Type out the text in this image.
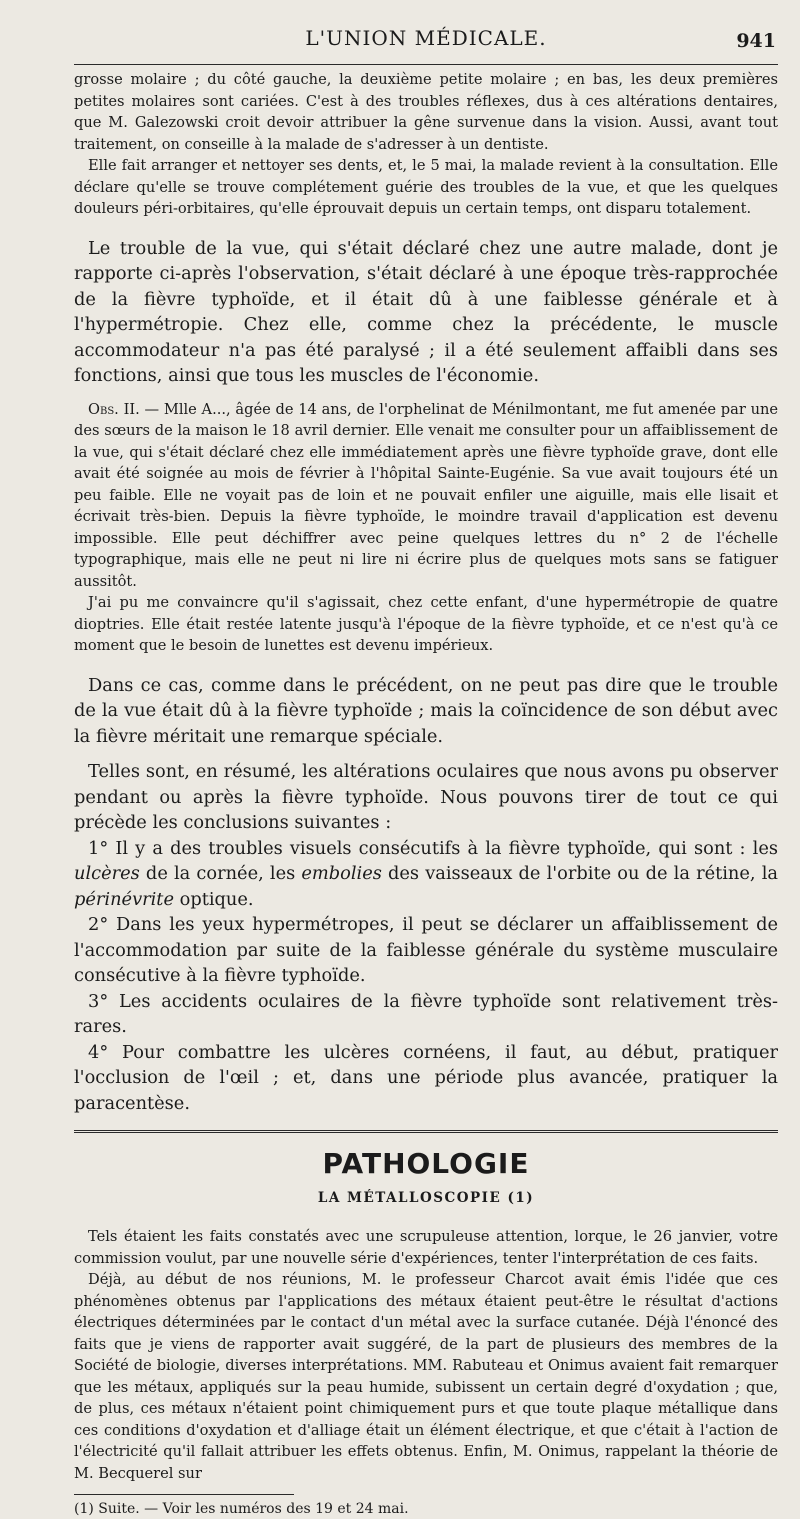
L'UNION MÉDICALE.	941

grosse molaire ; du côté gauche, la deuxième petite molaire ; en bas, les deux premières petites molaires sont cariées. C'est à des troubles réflexes, dus à ces altérations dentaires, que M. Galezowski croit devoir attribuer la gêne survenue dans la vision. Aussi, avant tout traitement, on conseille à la malade de s'adresser à un dentiste.

Elle fait arranger et nettoyer ses dents, et, le 5 mai, la malade revient à la consultation. Elle déclare qu'elle se trouve complétement guérie des troubles de la vue, et que les quelques douleurs péri-orbitaires, qu'elle éprouvait depuis un certain temps, ont disparu totalement.

Le trouble de la vue, qui s'était déclaré chez une autre malade, dont je rapporte ci-après l'observation, s'était déclaré à une époque très-rapprochée de la fièvre typhoïde, et il était dû à une faiblesse générale et à l'hypermétropie. Chez elle, comme chez la précédente, le muscle accommodateur n'a pas été paralysé ; il a été seulement affaibli dans ses fonctions, ainsi que tous les muscles de l'économie.

Obs. II. — Mlle A..., âgée de 14 ans, de l'orphelinat de Ménilmontant, me fut amenée par une des sœurs de la maison le 18 avril dernier. Elle venait me consulter pour un affaiblissement de la vue, qui s'était déclaré chez elle immédiatement après une fièvre typhoïde grave, dont elle avait été soignée au mois de février à l'hôpital Sainte-Eugénie. Sa vue avait toujours été un peu faible. Elle ne voyait pas de loin et ne pouvait enfiler une aiguille, mais elle lisait et écrivait très-bien. Depuis la fièvre typhoïde, le moindre travail d'application est devenu impossible. Elle peut déchiffrer avec peine quelques lettres du n° 2 de l'échelle typographique, mais elle ne peut ni lire ni écrire plus de quelques mots sans se fatiguer aussitôt.

J'ai pu me convaincre qu'il s'agissait, chez cette enfant, d'une hypermétropie de quatre dioptries. Elle était restée latente jusqu'à l'époque de la fièvre typhoïde, et ce n'est qu'à ce moment que le besoin de lunettes est devenu impérieux.

Dans ce cas, comme dans le précédent, on ne peut pas dire que le trouble de la vue était dû à la fièvre typhoïde ; mais la coïncidence de son début avec la fièvre méritait une remarque spéciale.

Telles sont, en résumé, les altérations oculaires que nous avons pu observer pendant ou après la fièvre typhoïde. Nous pouvons tirer de tout ce qui précède les conclusions suivantes :

1° Il y a des troubles visuels consécutifs à la fièvre typhoïde, qui sont : les ulcères de la cornée, les embolies des vaisseaux de l'orbite ou de la rétine, la périnévrite optique.

2° Dans les yeux hypermétropes, il peut se déclarer un affaiblissement de l'accommodation par suite de la faiblesse générale du système musculaire consécutive à la fièvre typhoïde.

3° Les accidents oculaires de la fièvre typhoïde sont relativement très-rares.

4° Pour combattre les ulcères cornéens, il faut, au début, pratiquer l'occlusion de l'œil ; et, dans une période plus avancée, pratiquer la paracentèse.

PATHOLOGIE
LA MÉTALLOSCOPIE (1)

Tels étaient les faits constatés avec une scrupuleuse attention, lorque, le 26 janvier, votre commission voulut, par une nouvelle série d'expériences, tenter l'interprétation de ces faits.

Déjà, au début de nos réunions, M. le professeur Charcot avait émis l'idée que ces phénomènes obtenus par l'applications des métaux étaient peut-être le résultat d'actions électriques déterminées par le contact d'un métal avec la surface cutanée. Déjà l'énoncé des faits que je viens de rapporter avait suggéré, de la part de plusieurs des membres de la Société de biologie, diverses interprétations. MM. Rabuteau et Onimus avaient fait remarquer que les métaux, appliqués sur la peau humide, subissent un certain degré d'oxydation ; que, de plus, ces métaux n'étaient point chimiquement purs et que toute plaque métallique dans ces conditions d'oxydation et d'alliage était un élément électrique, et que c'était à l'action de l'électricité qu'il fallait attribuer les effets obtenus. Enfin, M. Onimus, rappelant la théorie de M. Becquerel sur

(1) Suite. — Voir les numéros des 19 et 24 mai.
